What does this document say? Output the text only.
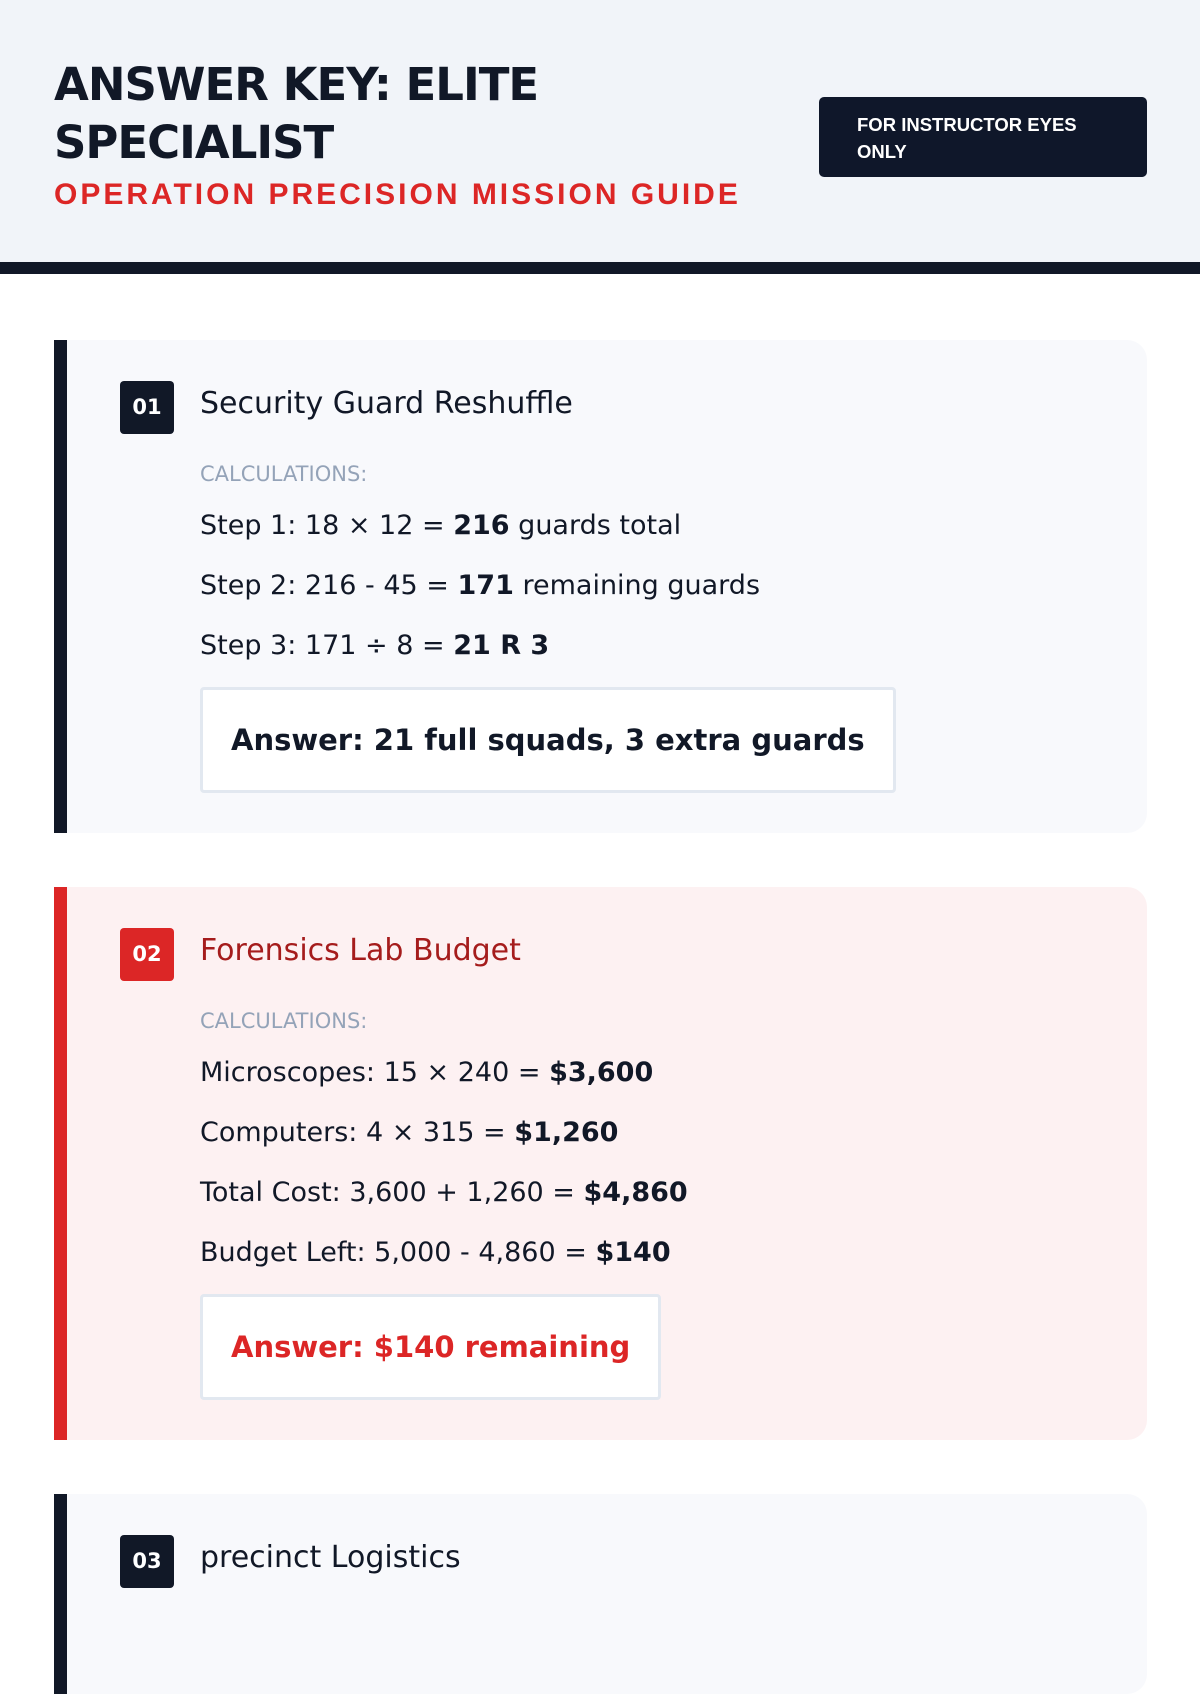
ANSWER KEY: ELITE SPECIALIST
OPERATION PRECISION MISSION GUIDE
FOR INSTRUCTOR EYES ONLY
01	Security Guard Reshuffle
CALCULATIONS:
Step 1: 18 × 12 = 216 guards total
Step 2: 216 - 45 = 171 remaining guards
Step 3: 171 ÷ 8 = 21 R 3
Answer: 21 full squads, 3 extra guards
02	Forensics Lab Budget
CALCULATIONS:
Microscopes: 15 × 240 = $3,600
Computers: 4 × 315 = $1,260
Total Cost: 3,600 + 1,260 = $4,860
Budget Left: 5,000 - 4,860 = $140
Answer: $140 remaining
03	precinct Logistics
